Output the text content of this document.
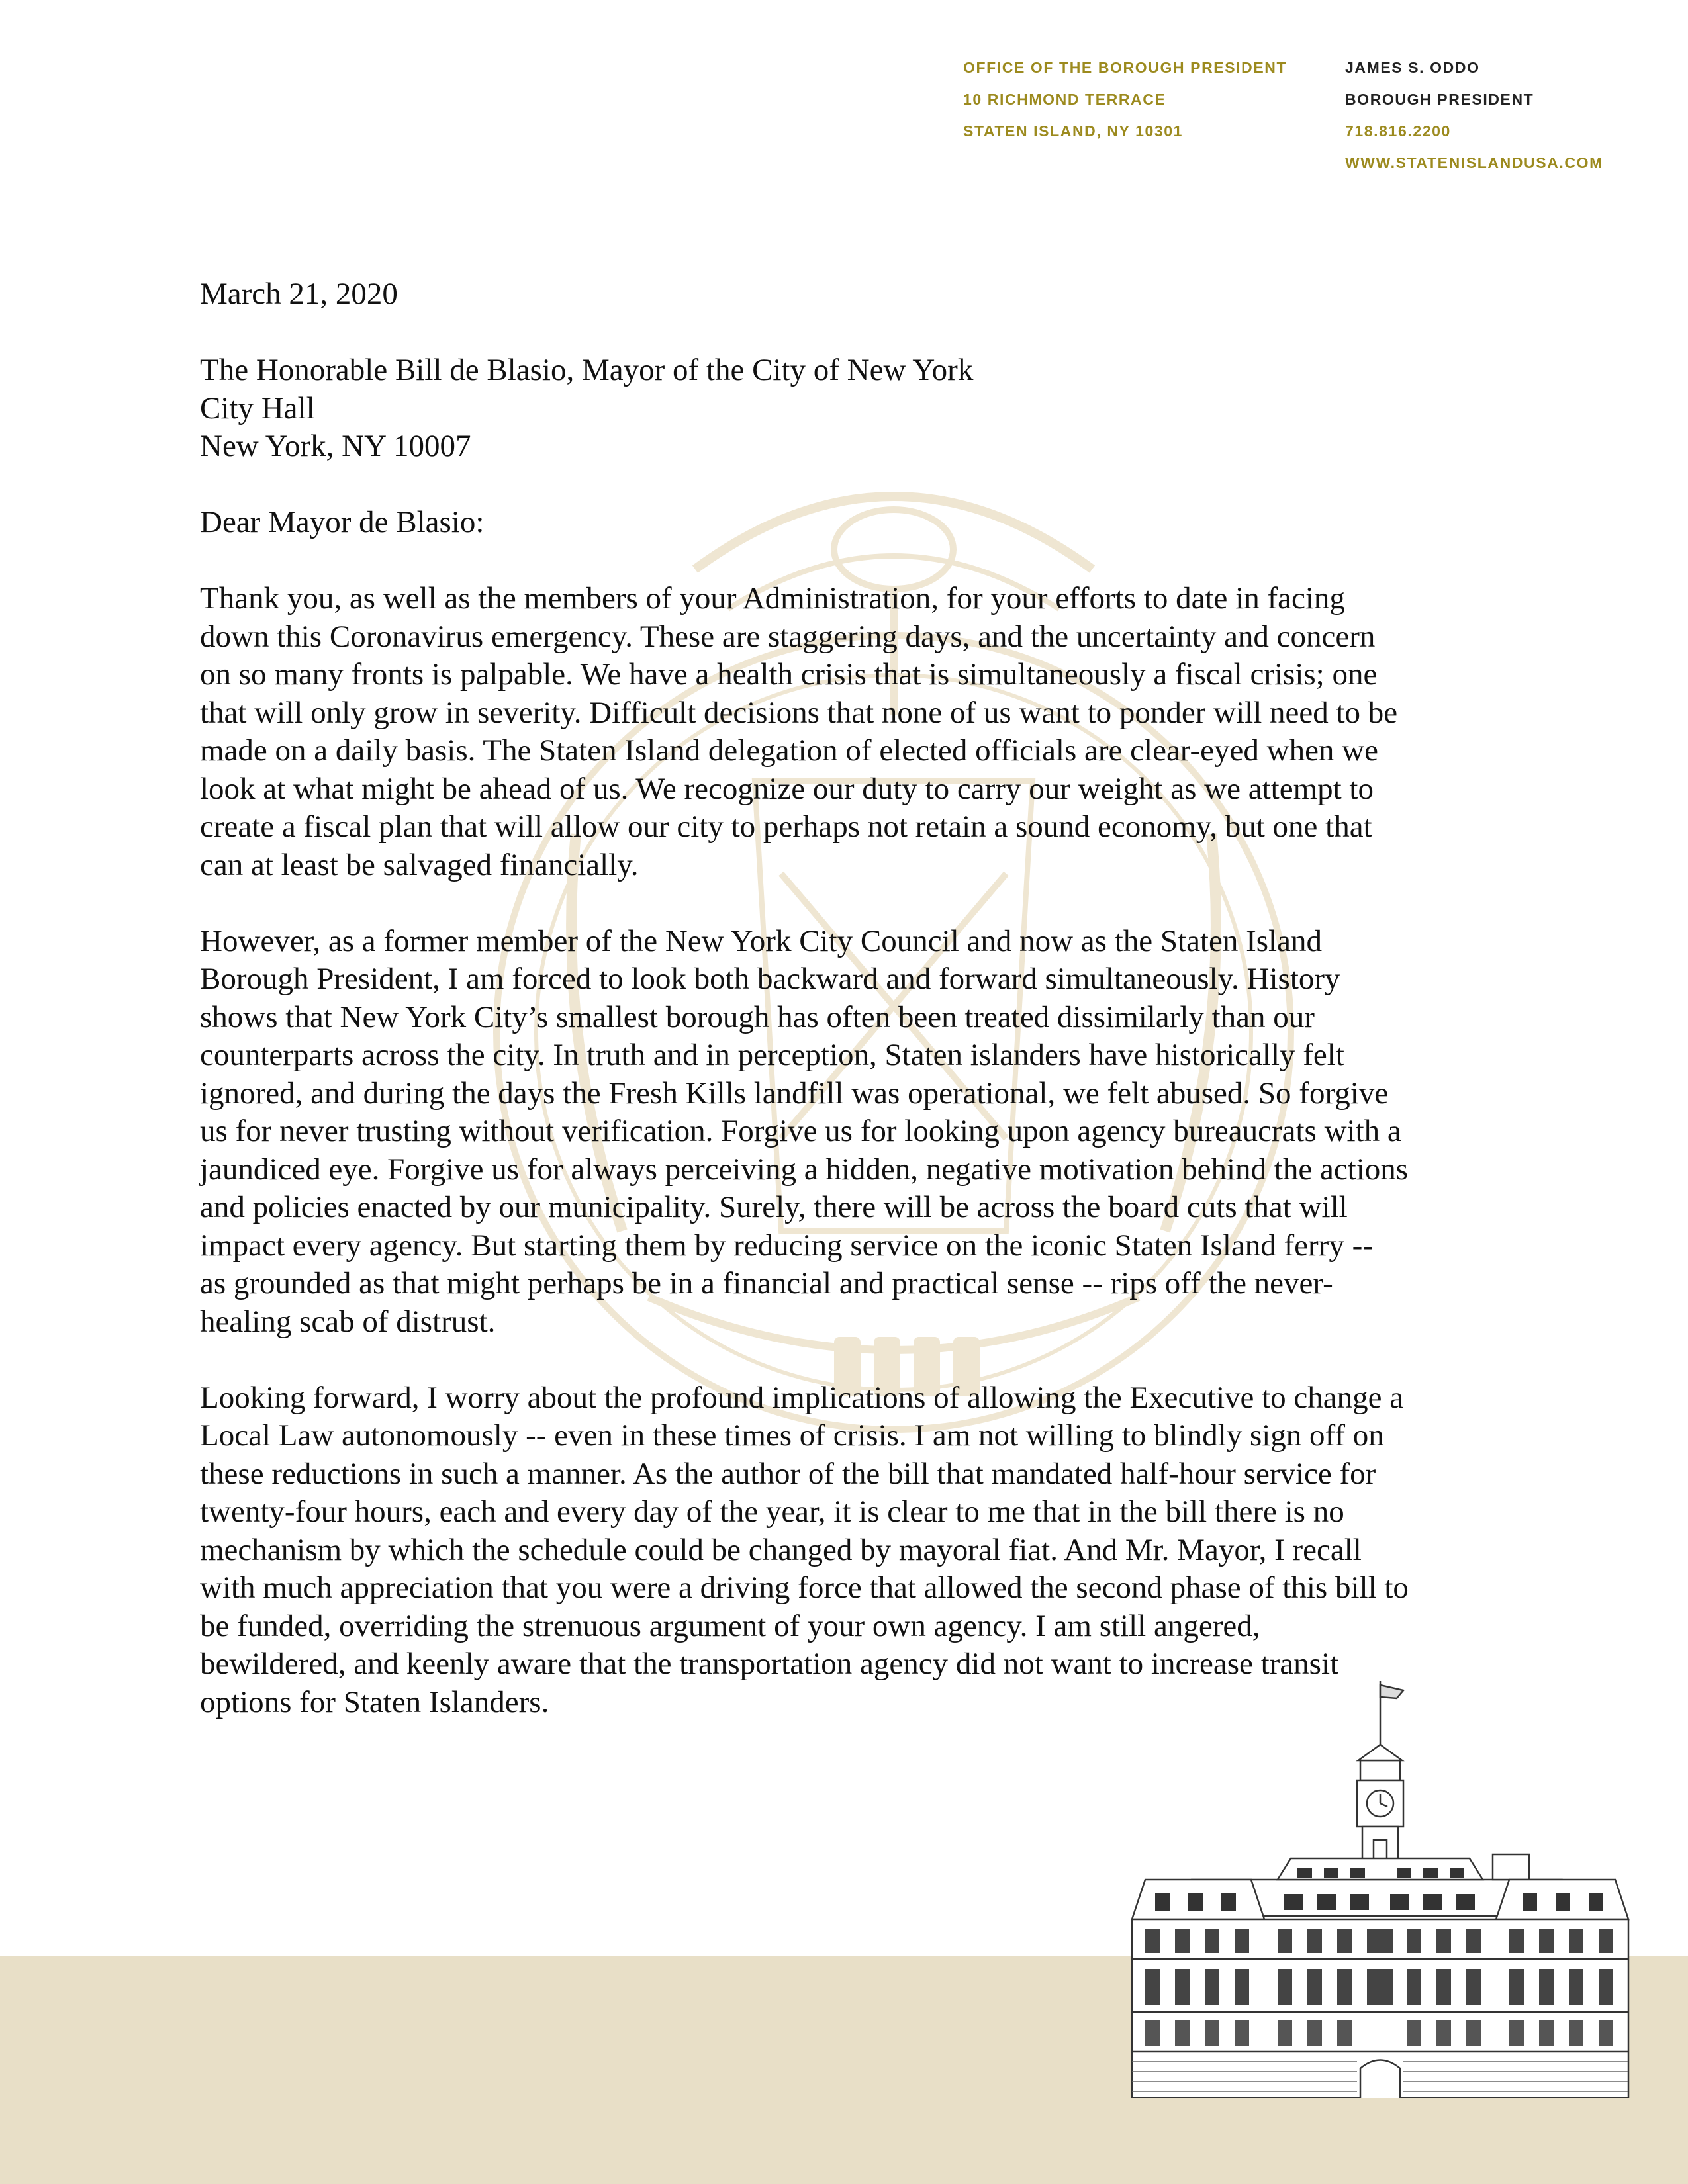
OFFICE OF THE BOROUGH PRESIDENT
10 RICHMOND TERRACE
STATEN ISLAND, NY 10301
JAMES S. ODDO
BOROUGH PRESIDENT
718.816.2200
WWW.STATENISLANDUSA.COM

March 21, 2020

The Honorable Bill de Blasio, Mayor of the City of New York
City Hall
New York, NY 10007

Dear Mayor de Blasio:

Thank you, as well as the members of your Administration, for your efforts to date in facing
down this Coronavirus emergency. These are staggering days, and the uncertainty and concern
on so many fronts is palpable. We have a health crisis that is simultaneously a fiscal crisis; one
that will only grow in severity. Difficult decisions that none of us want to ponder will need to be
made on a daily basis. The Staten Island delegation of elected officials are clear-eyed when we
look at what might be ahead of us. We recognize our duty to carry our weight as we attempt to
create a fiscal plan that will allow our city to perhaps not retain a sound economy, but one that
can at least be salvaged financially.

However, as a former member of the New York City Council and now as the Staten Island
Borough President, I am forced to look both backward and forward simultaneously. History
shows that New York City’s smallest borough has often been treated dissimilarly than our
counterparts across the city. In truth and in perception, Staten islanders have historically felt
ignored, and during the days the Fresh Kills landfill was operational, we felt abused. So forgive
us for never trusting without verification. Forgive us for looking upon agency bureaucrats with a
jaundiced eye. Forgive us for always perceiving a hidden, negative motivation behind the actions
and policies enacted by our municipality. Surely, there will be across the board cuts that will
impact every agency. But starting them by reducing service on the iconic Staten Island ferry --
as grounded as that might perhaps be in a financial and practical sense -- rips off the never-
healing scab of distrust.

Looking forward, I worry about the profound implications of allowing the Executive to change a
Local Law autonomously -- even in these times of crisis. I am not willing to blindly sign off on
these reductions in such a manner. As the author of the bill that mandated half-hour service for
twenty-four hours, each and every day of the year, it is clear to me that in the bill there is no
mechanism by which the schedule could be changed by mayoral fiat. And Mr. Mayor, I recall
with much appreciation that you were a driving force that allowed the second phase of this bill to
be funded, overriding the strenuous argument of your own agency. I am still angered,
bewildered, and keenly aware that the transportation agency did not want to increase transit
options for Staten Islanders.
